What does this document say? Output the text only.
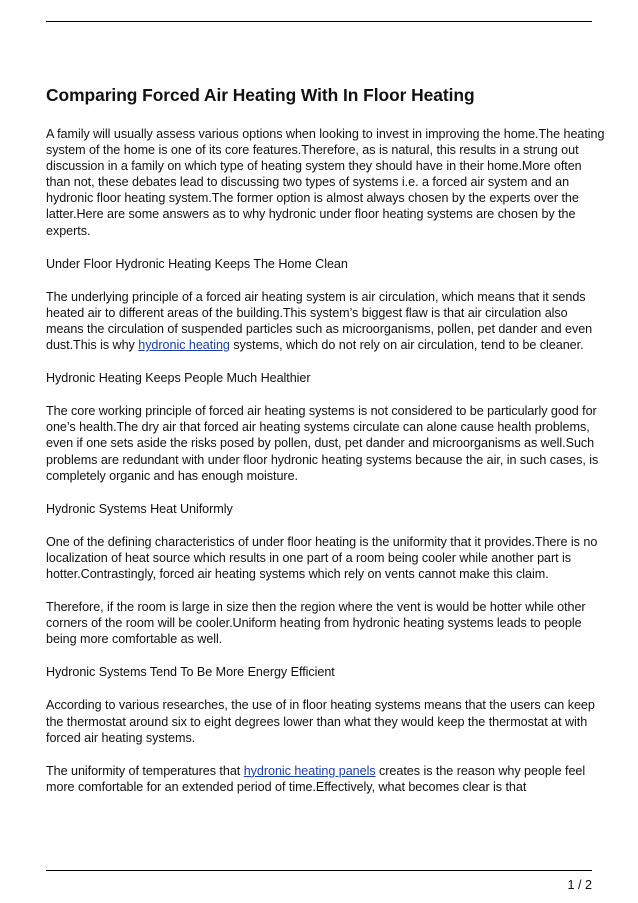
Comparing Forced Air Heating With In Floor Heating

A family will usually assess various options when looking to invest in improving the home.The heating system of the home is one of its core features.Therefore, as is natural, this results in a strung out discussion in a family on which type of heating system they should have in their home.More often than not, these debates lead to discussing two types of systems i.e. a forced air system and an hydronic floor heating system.The former option is almost always chosen by the experts over the latter.Here are some answers as to why hydronic under floor heating systems are chosen by the experts.

Under Floor Hydronic Heating Keeps The Home Clean

The underlying principle of a forced air heating system is air circulation, which means that it sends heated air to different areas of the building.This system’s biggest flaw is that air circulation also means the circulation of suspended particles such as microorganisms, pollen, pet dander and even dust.This is why hydronic heating systems, which do not rely on air circulation, tend to be cleaner.

Hydronic Heating Keeps People Much Healthier

The core working principle of forced air heating systems is not considered to be particularly good for one’s health.The dry air that forced air heating systems circulate can alone cause health problems, even if one sets aside the risks posed by pollen, dust, pet dander and microorganisms as well.Such problems are redundant with under floor hydronic heating systems because the air, in such cases, is completely organic and has enough moisture.

Hydronic Systems Heat Uniformly

One of the defining characteristics of under floor heating is the uniformity that it provides.There is no localization of heat source which results in one part of a room being cooler while another part is hotter.Contrastingly, forced air heating systems which rely on vents cannot make this claim.

Therefore, if the room is large in size then the region where the vent is would be hotter while other corners of the room will be cooler.Uniform heating from hydronic heating systems leads to people being more comfortable as well.

Hydronic Systems Tend To Be More Energy Efficient

According to various researches, the use of in floor heating systems means that the users can keep the thermostat around six to eight degrees lower than what they would keep the thermostat at with forced air heating systems.

The uniformity of temperatures that hydronic heating panels creates is the reason why people feel more comfortable for an extended period of time.Effectively, what becomes clear is that

1 / 2
